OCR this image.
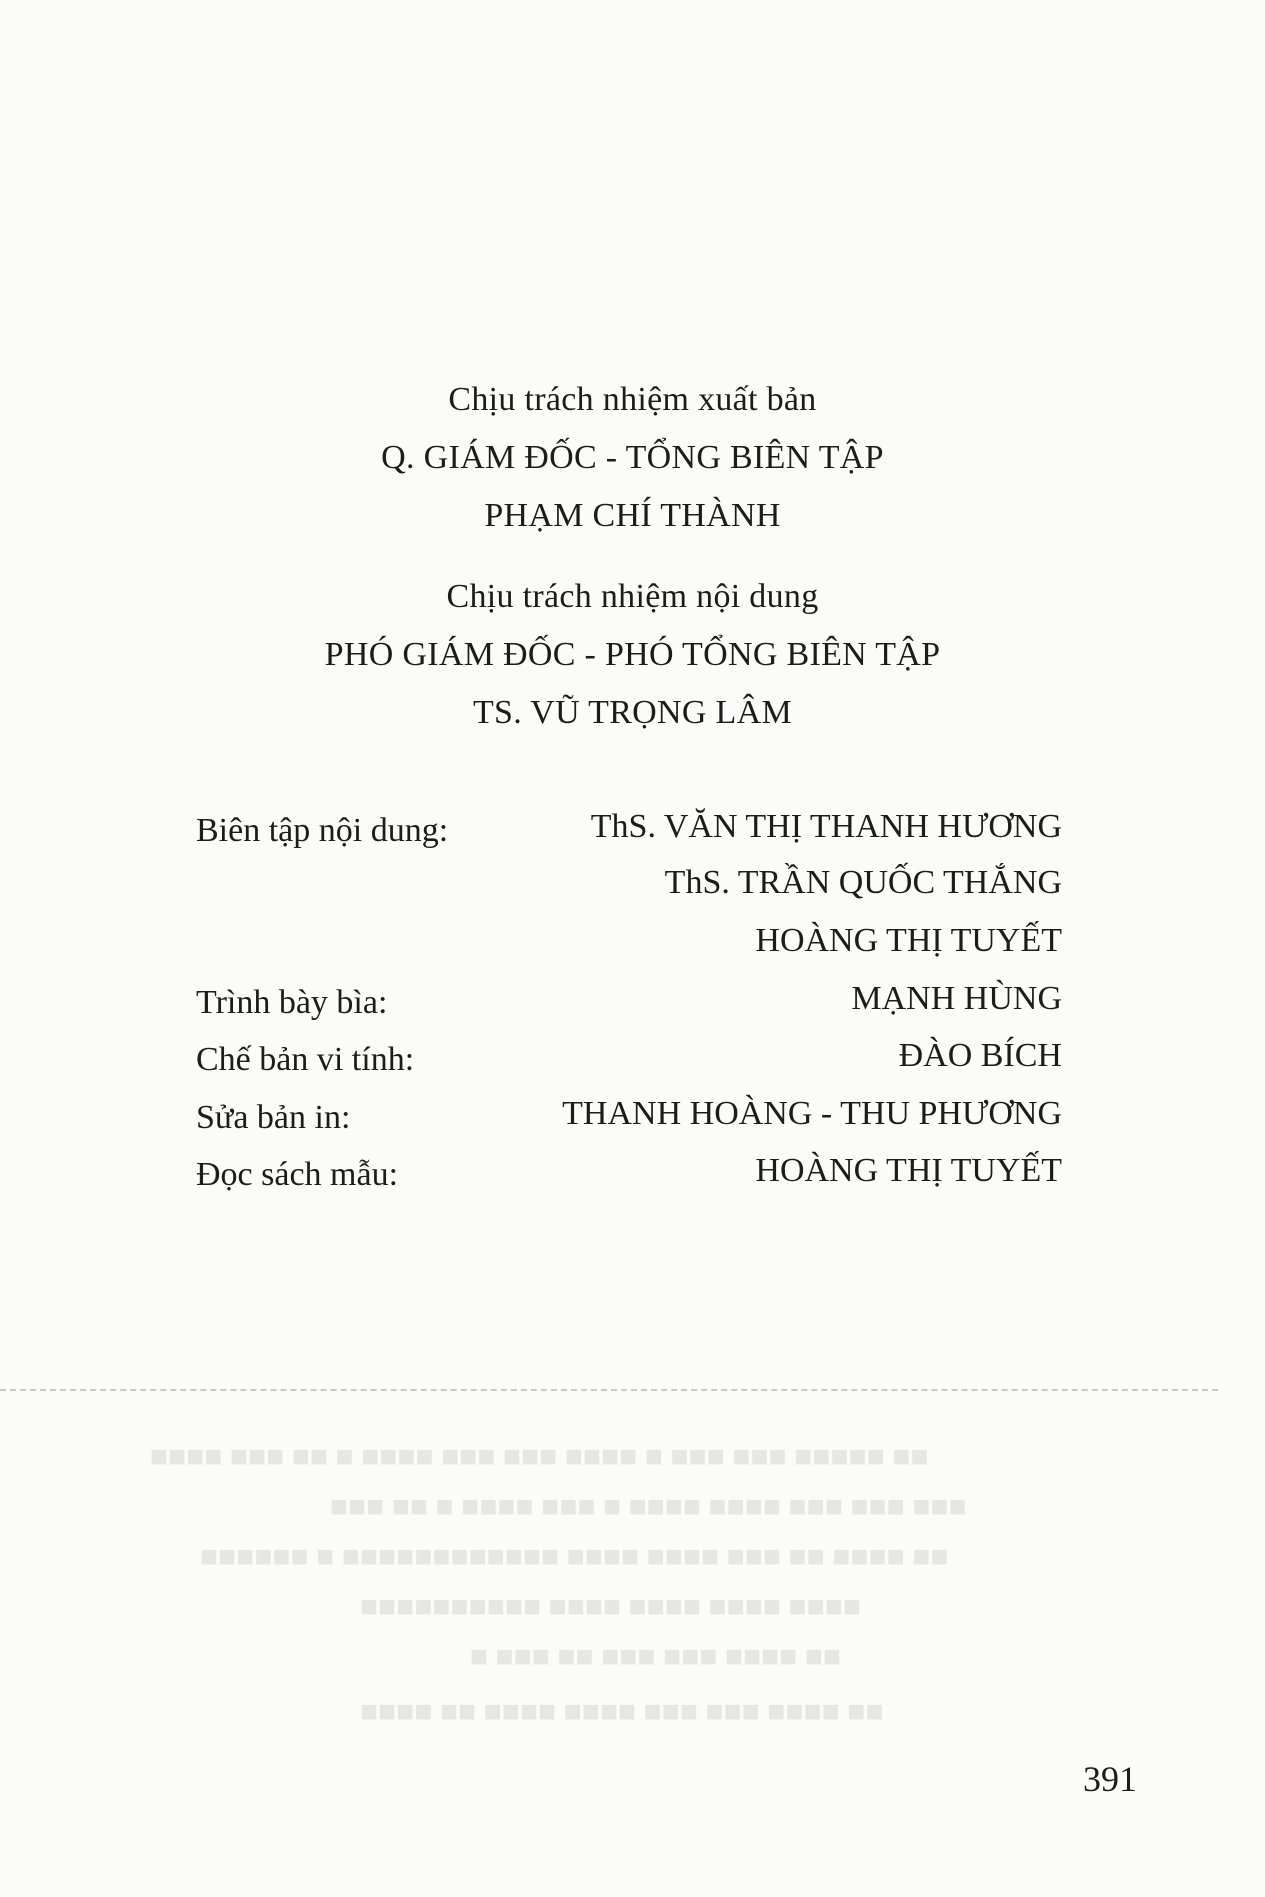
Chịu trách nhiệm xuất bản
Q. GIÁM ĐỐC - TỔNG BIÊN TẬP
PHẠM CHÍ THÀNH
Chịu trách nhiệm nội dung
PHÓ GIÁM ĐỐC - PHÓ TỔNG BIÊN TẬP
TS. VŨ TRỌNG LÂM
Biên tập nội dung:	ThS. VĂN THỊ THANH HƯƠNG
ThS. TRẦN QUỐC THẮNG
HOÀNG THỊ TUYẾT
Trình bày bìa:	MẠNH HÙNG
Chế bản vi tính:	ĐÀO BÍCH
Sửa bản in:	THANH HOÀNG - THU PHƯƠNG
Đọc sách mẫu:	HOÀNG THỊ TUYẾT
■■ ■■■■■ ■■■ ■■■ ■ ■■■■ ■■■ ■■■ ■■■■ ■ ■■ ■■■ ■■■■
■■■ ■■■ ■■■ ■■■■ ■■■■ ■ ■■■ ■■■■ ■ ■■ ■■■
■■ ■■■■ ■■ ■■■ ■■■■ ■■■■ ■■■■■■■■■■■■ ■ ■■■■■■
■■■■ ■■■■ ■■■■ ■■■■ ■■■■■■■■■■
■■ ■■■■ ■■■ ■■■ ■■ ■■■ ■
■■ ■■■■ ■■■ ■■■ ■■■■ ■■■■ ■■ ■■■■
391
